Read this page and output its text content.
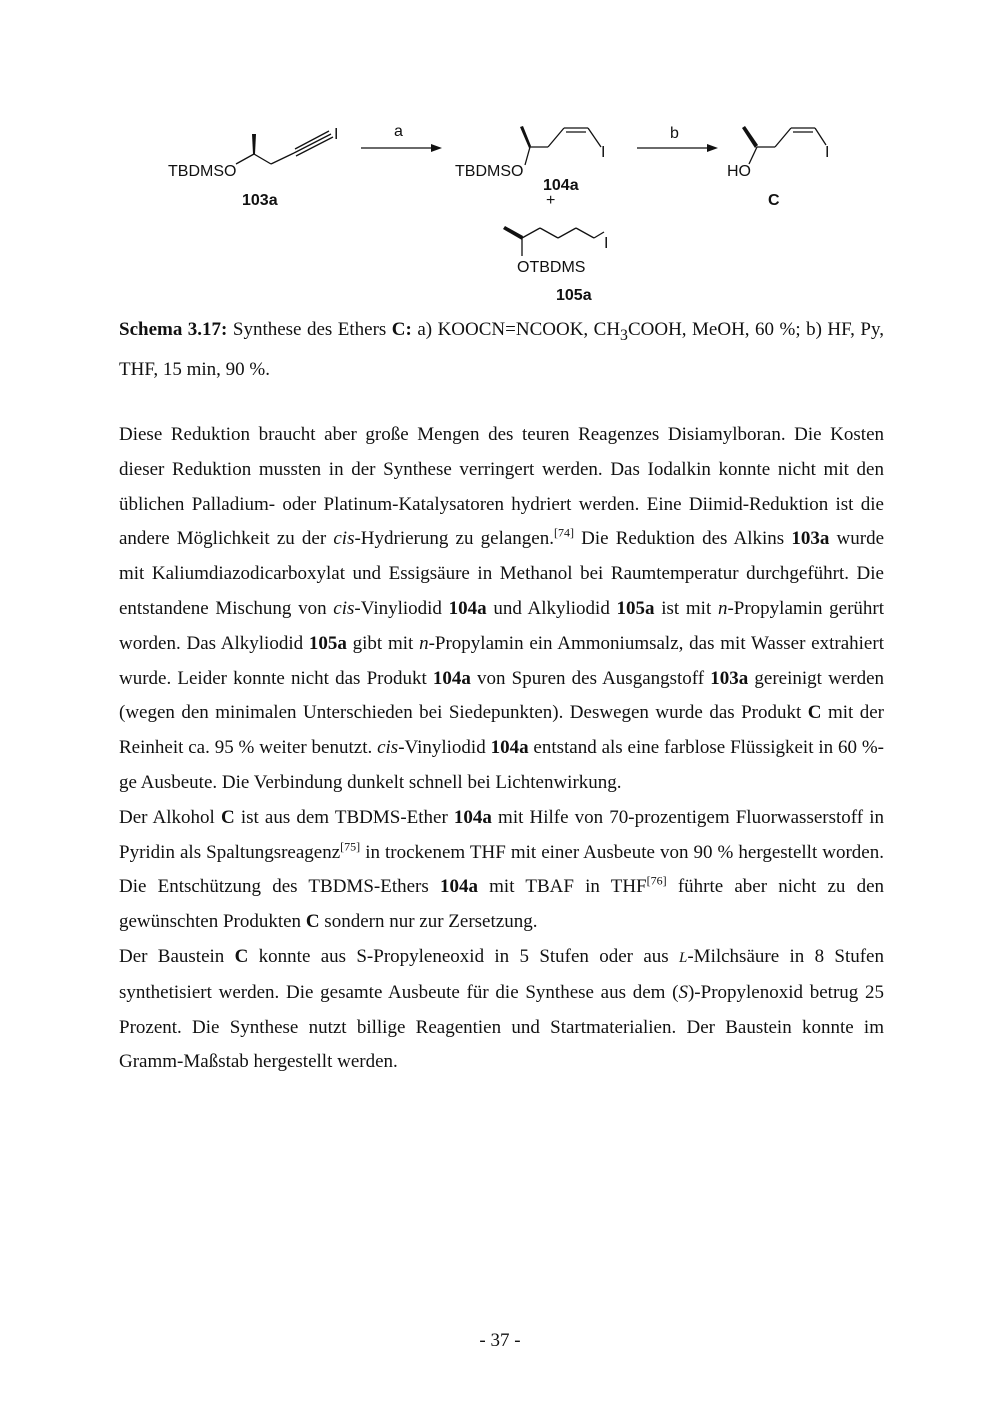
TBDMSO
I
103a
a
TBDMSO
I
104a
+
I
OTBDMS
105a
b
HO
I
C
Schema 3.17: Synthese des Ethers C: a) KOOCN=NCOOK, $CH_3COOH$, MeOH, 60 %; b) HF, Py, THF, 15 min, 90 %.

Diese Reduktion braucht aber große Mengen des teuren Reagenzes Disiamylboran. Die Kosten dieser Reduktion mussten in der Synthese verringert werden. Das Iodalkin konnte nicht mit den üblichen Palladium- oder Platinum-Katalysatoren hydriert werden. Eine Diimid-Reduktion ist die andere Möglichkeit zu der cis-Hydrierung zu gelangen.[74] Die Reduktion des Alkins 103a wurde mit Kaliumdiazodicarboxylat und Essigsäure in Methanol bei Raumtemperatur durchgeführt. Die entstandene Mischung von cis-Vinyliodid 104a und Alkyliodid 105a ist mit n-Propylamin gerührt worden. Das Alkyliodid 105a gibt mit n-Propylamin ein Ammoniumsalz, das mit Wasser extrahiert wurde. Leider konnte nicht das Produkt 104a von Spuren des Ausgangstoff 103a gereinigt werden (wegen den minimalen Unterschieden bei Siedepunkten). Deswegen wurde das Produkt C mit der Reinheit ca. 95 % weiter benutzt. cis-Vinyliodid 104a entstand als eine farblose Flüssigkeit in 60 %-ge Ausbeute. Die Verbindung dunkelt schnell bei Lichtenwirkung.

Der Alkohol C ist aus dem TBDMS-Ether 104a mit Hilfe von 70-prozentigem Fluorwasserstoff in Pyridin als Spaltungsreagenz[75] in trockenem THF mit einer Ausbeute von 90 % hergestellt worden. Die Entschützung des TBDMS-Ethers 104a mit TBAF in THF[76] führte aber nicht zu den gewünschten Produkten C sondern nur zur Zersetzung.

Der Baustein C konnte aus S-Propyleneoxid in 5 Stufen oder aus L-Milchsäure in 8 Stufen synthetisiert werden. Die gesamte Ausbeute für die Synthese aus dem (S)-Propylenoxid betrug 25 Prozent. Die Synthese nutzt billige Reagentien und Startmaterialien. Der Baustein konnte im Gramm-Maßstab hergestellt werden.

- 37 -
